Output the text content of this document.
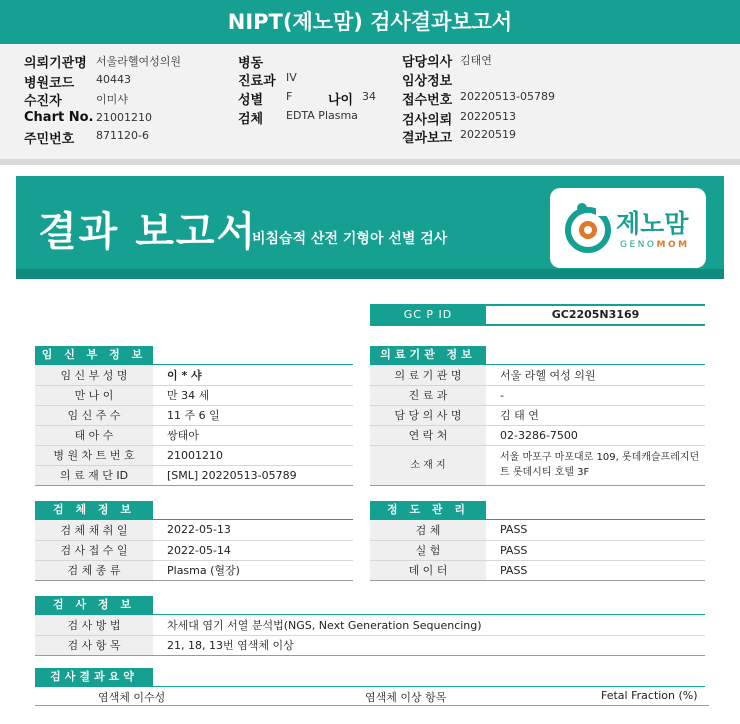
NIPT(제노맘) 검사결과보고서
의뢰기관명 서울라헬여성의원
병원코드 40443
수진자	이미샤
Chart No. 21001210
주민번호 871120-6
병동
진료과 IV
성별 F	나이 34
검체 EDTA Plasma
담당의사 김태연
임상정보
접수번호 20220513-05789
검사의뢰 20220513
결과보고 20220519
결과 보고서
비침습적 산전 기형아 선별 검사
제노맘
GENOMOM
GC P ID	GC2205N3169
임 신 부 정 보
임 신 부 성 명	이 * 샤
만 나 이	만 34 세
임 신 주 수	11 주 6 일
태 아 수	쌍태아
병 원 차 트 번 호	21001210
의 료 재 단 ID	[SML] 20220513-05789
의료기관 정보
의 료 기 관 명	서울 라헬 여성 의원
진 료 과	-
담 당 의 사 명	김 태 연
연 락 처	02-3286-7500
소 재 지	서울 마포구 마포대로 109, 롯데캐슬프레지던트 롯데시티 호텔 3F
검 체 정 보
검 체 채 취 일	2022-05-13
검 사 접 수 일	2022-05-14
검 체 종 류	Plasma (혈장)
정 도 관 리
검 체	PASS
실 험	PASS
데 이 터	PASS
검 사 정 보
검 사 방 법	차세대 염기 서열 분석법(NGS, Next Generation Sequencing)
검 사 항 목	21, 18, 13번 염색체 이상
검사결과요약
염색체 이수성	염색체 이상 항목	Fetal Fraction (%)
